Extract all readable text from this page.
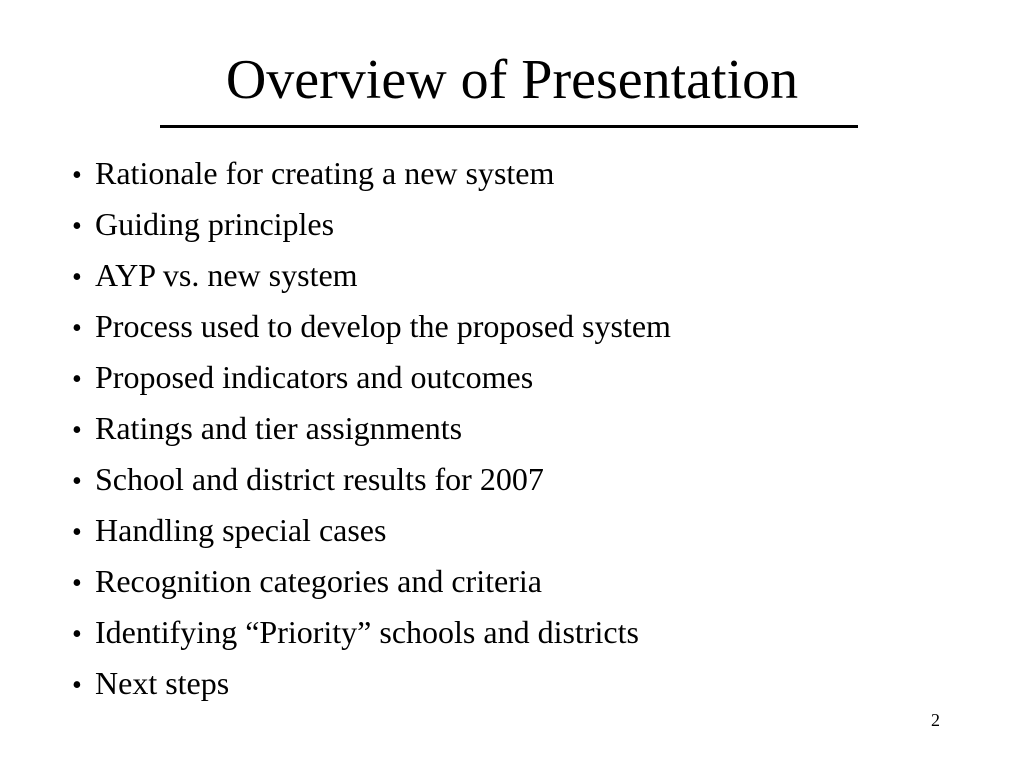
Overview of Presentation
• Rationale for creating a new system
• Guiding principles
• AYP vs. new system
• Process used to develop the proposed system
• Proposed indicators and outcomes
• Ratings and tier assignments
• School and district results for 2007
• Handling special cases
• Recognition categories and criteria
• Identifying “Priority” schools and districts
• Next steps
2
